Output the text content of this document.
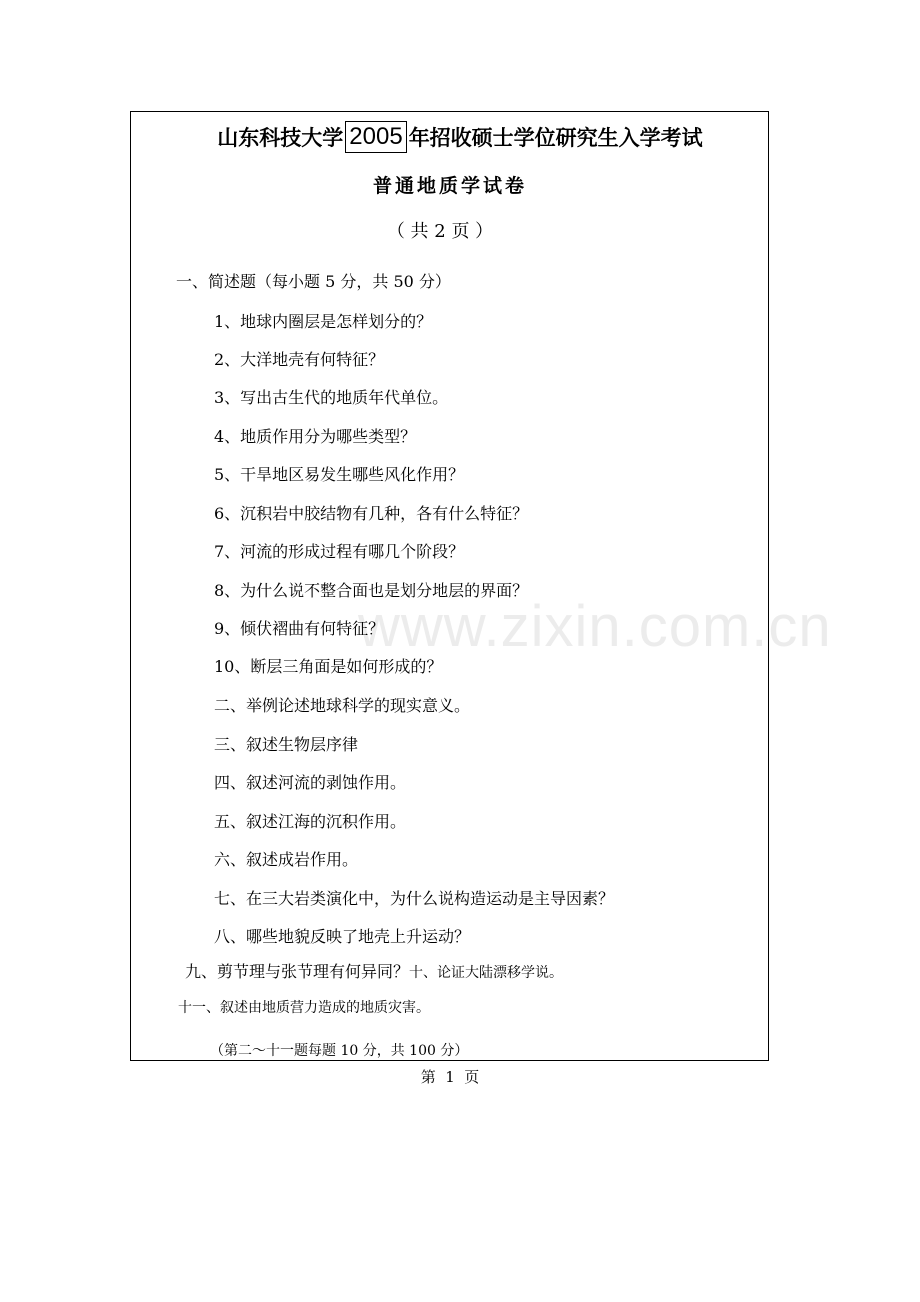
www.zixin.com.cn
山东科技大学 2005 年招收硕士学位研究生入学考试
普通地质学试卷
（ 共 2 页 ）
一、简述题（每小题 5 分，共 50 分）
1、地球内圈层是怎样划分的？
2、大洋地壳有何特征？
3、写出古生代的地质年代单位。
4、地质作用分为哪些类型？
5、干旱地区易发生哪些风化作用？
6、沉积岩中胶结物有几种，各有什么特征？
7、河流的形成过程有哪几个阶段？
8、为什么说不整合面也是划分地层的界面？
9、倾伏褶曲有何特征？
10、断层三角面是如何形成的？
二、举例论述地球科学的现实意义。
三、叙述生物层序律
四、叙述河流的剥蚀作用。
五、叙述江海的沉积作用。
六、叙述成岩作用。
七、在三大岩类演化中，为什么说构造运动是主导因素？
八、哪些地貌反映了地壳上升运动？
九、剪节理与张节理有何异同？十、论证大陆漂移学说。
十一、叙述由地质营力造成的地质灾害。
（第二～十一题每题 10 分，共 100 分）
第  1  页
